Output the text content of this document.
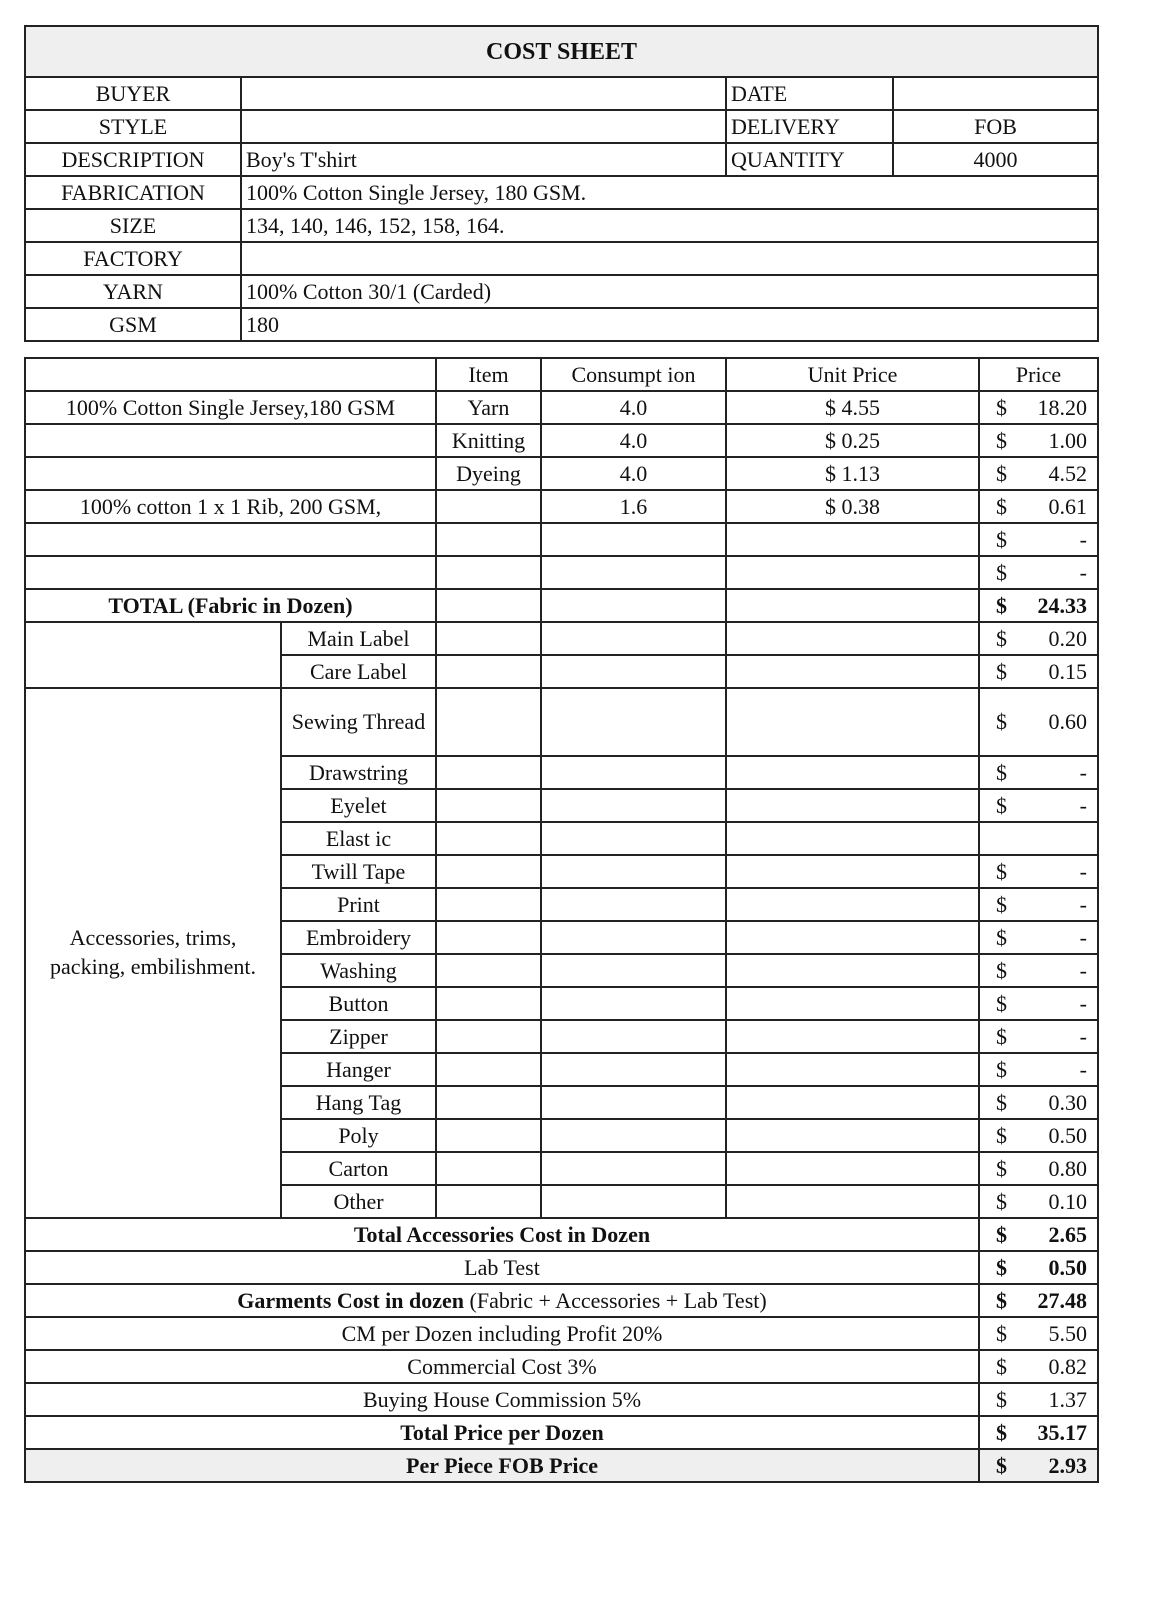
COST SHEET			
BUYER		DATE	
STYLE		DELIVERY	FOB
DESCRIPTION	Boy's T'shirt	QUANTITY	4000
FABRICATION	100% Cotton Single Jersey, 180 GSM.		
SIZE	134, 140, 146, 152, 158, 164.		
FACTORY			
YARN	100% Cotton 30/1 (Carded)		
GSM	180		
		Item	Consumpt ion	Unit Price	Price
100% Cotton Single Jersey,180 GSM		Yarn	4.0	$ 4.55	$ 18.20

		Knitting	4.0	$ 0.25	$ 1.00

		Dyeing	4.0	$ 1.13	$ 4.52

100% cotton 1 x 1 Rib, 200 GSM,			1.6	$ 0.38	$ 0.61

					$ -

					$ -

TOTAL (Fabric in Dozen)					$ 24.33

	Main Label				$ 0.20

	Care Label				$ 0.15

Accessories, trims, packing, embilishment.	Sewing Thread				$ 0.60

	Drawstring				$ -

	Eyelet				$ -

	Elast ic				

	Twill Tape				$ -

	Print				$ -

	Embroidery				$ -

	Washing				$ -

	Button				$ -

	Zipper				$ -

	Hanger				$ -

	Hang Tag				$ 0.30

	Poly				$ 0.50

	Carton				$ 0.80

	Other				$ 0.10

Total Accessories Cost in Dozen					$ 2.65

Lab Test					$ 0.50

Garments Cost in dozen (Fabric + Accessories + Lab Test)					$ 27.48

CM per Dozen including Profit 20%					$ 5.50

Commercial Cost 3%					$ 0.82

Buying House Commission 5%					$ 1.37

Total Price per Dozen					$ 35.17

Per Piece FOB Price					$ 2.93
